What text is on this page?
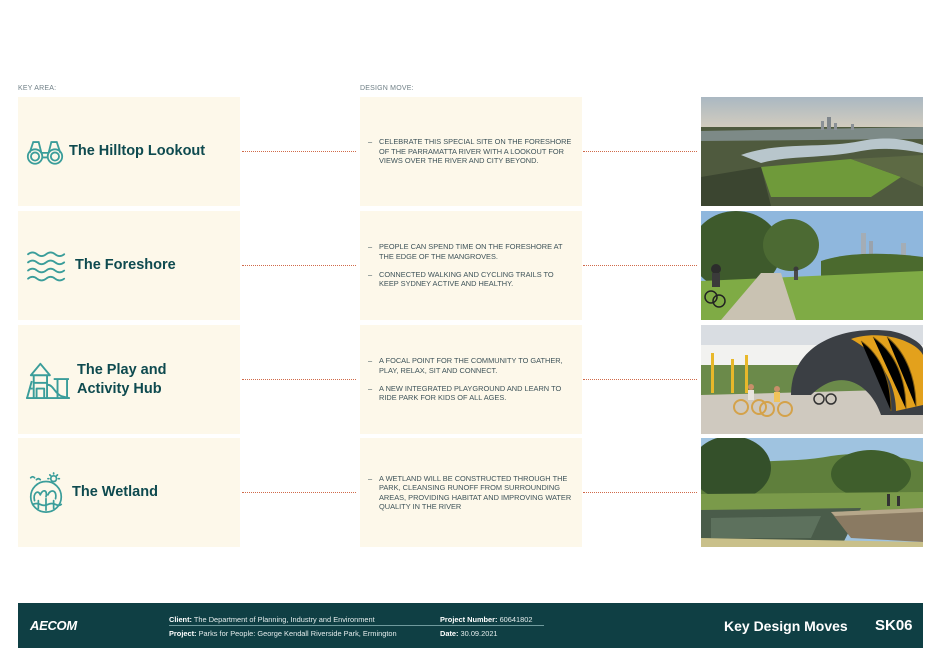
KEY AREA:	DESIGN MOVE:
The Hilltop Lookout
– CELEBRATE THIS SPECIAL SITE ON THE FORESHORE OF THE PARRAMATTA RIVER WITH A LOOKOUT FOR VIEWS OVER THE RIVER AND CITY BEYOND.
The Foreshore
– PEOPLE CAN SPEND TIME ON THE FORESHORE AT THE EDGE OF THE MANGROVES.
– CONNECTED WALKING AND CYCLING TRAILS TO KEEP SYDNEY ACTIVE AND HEALTHY.
The Play and
Activity Hub
– A FOCAL POINT FOR THE COMMUNITY TO GATHER, PLAY, RELAX, SIT AND CONNECT.
– A NEW INTEGRATED PLAYGROUND AND LEARN TO RIDE PARK FOR KIDS OF ALL AGES.
The Wetland
– A WETLAND WILL BE CONSTRUCTED THROUGH THE PARK, CLEANSING RUNOFF FROM SURROUNDING AREAS, PROVIDING HABITAT AND IMPROVING WATER QUALITY IN THE RIVER
AECOM	Client: The Department of Planning, Industry and Environment	Project Number: 60641802
Project: Parks for People: George Kendall Riverside Park, Ermington	Date: 30.09.2021	Key Design Moves SK06
